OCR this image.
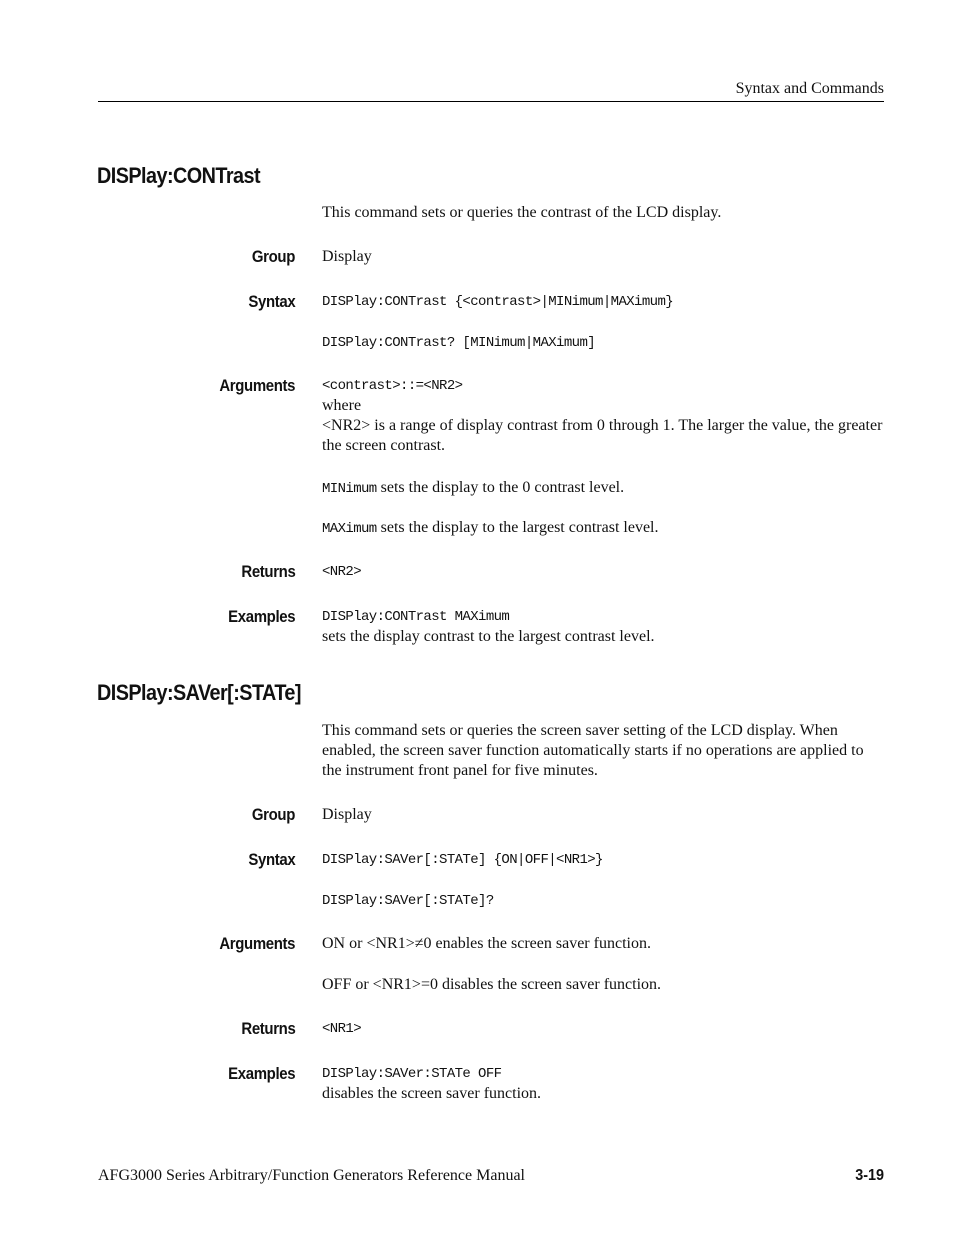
Syntax and Commands
DISPlay:CONTrast
This command sets or queries the contrast of the LCD display.
Group Display
Syntax DISPlay:CONTrast {<contrast>|MINimum|MAXimum}
DISPlay:CONTrast? [MINimum|MAXimum]
Arguments <contrast>::=<NR2>
where
<NR2> is a range of display contrast from 0 through 1. The larger the value, the greater the screen contrast.
MINimum sets the display to the 0 contrast level.
MAXimum sets the display to the largest contrast level.
Returns <NR2>
Examples DISPlay:CONTrast MAXimum
sets the display contrast to the largest contrast level.
DISPlay:SAVer[:STATe]
This command sets or queries the screen saver setting of the LCD display. When enabled, the screen saver function automatically starts if no operations are applied to the instrument front panel for five minutes.
Group Display
Syntax DISPlay:SAVer[:STATe] {ON|OFF|<NR1>}
DISPlay:SAVer[:STATe]?
Arguments ON or <NR1>≠0 enables the screen saver function.
OFF or <NR1>=0 disables the screen saver function.
Returns <NR1>
Examples DISPlay:SAVer:STATe OFF
disables the screen saver function.
AFG3000 Series Arbitrary/Function Generators Reference Manual	3-19
